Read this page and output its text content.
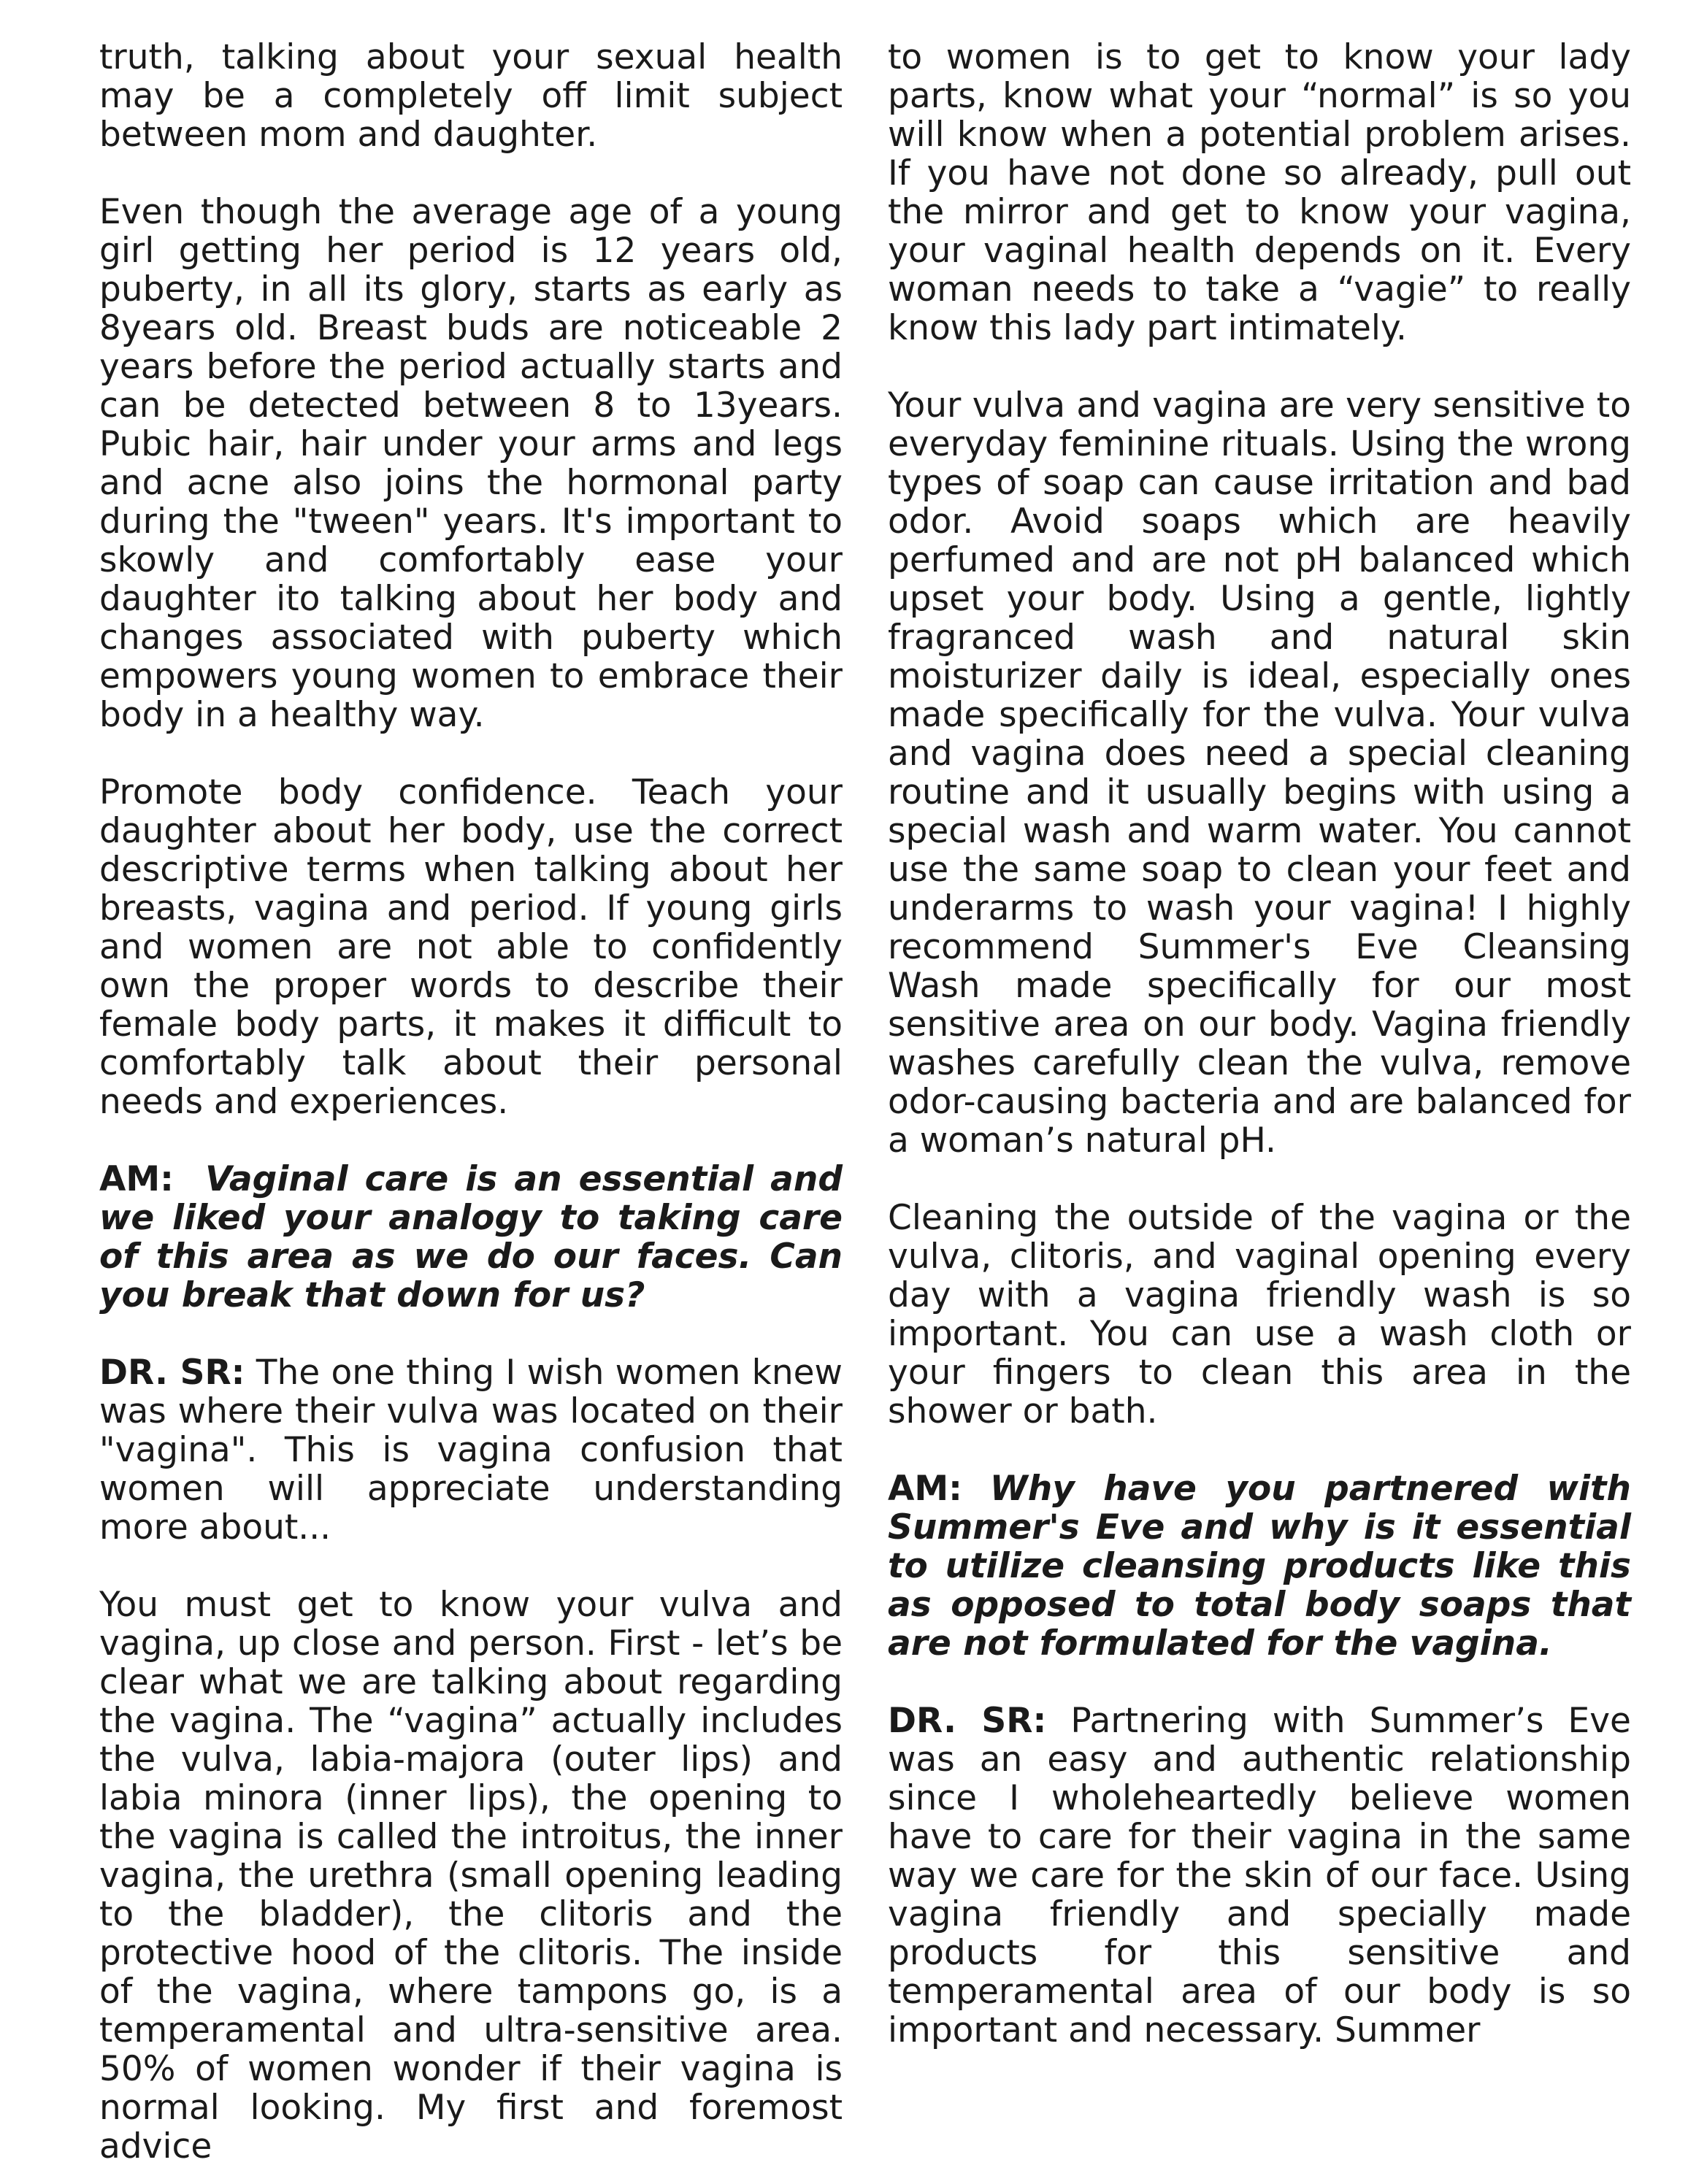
truth, talking about your sexual health may be a completely off limit subject between mom and daughter.

Even though the average age of a young girl getting her period is 12 years old, puberty, in all its glory, starts as early as 8years old. Breast buds are noticeable 2 years before the period actually starts and can be detected between 8 to 13years. Pubic hair, hair under your arms and legs and acne also joins the hormonal party during the "tween" years. It's important to skowly and comfortably ease your daughter ito talking about her body and changes associated with puberty which empowers young women to embrace their body in a healthy way.

Promote body confidence. Teach your daughter about her body, use the correct descriptive terms when talking about her breasts, vagina and period. If young girls and women are not able to confidently own the proper words to describe their female body parts, it makes it difficult to comfortably talk about their personal needs and experiences.

AM: Vaginal care is an essential and we liked your analogy to taking care of this area as we do our faces. Can you break that down for us?

DR. SR: The one thing I wish women knew was where their vulva was located on their "vagina". This is vagina confusion that women will appreciate understanding more about...

You must get to know your vulva and vagina, up close and person. First - let’s be clear what we are talking about regarding the vagina. The “vagina” actually includes the vulva, labia-majora (outer lips) and labia minora (inner lips), the opening to the vagina is called the introitus, the inner vagina, the urethra (small opening leading to the bladder), the clitoris and the protective hood of the clitoris. The inside of the vagina, where tampons go, is a temperamental and ultra-sensitive area. 50% of women wonder if their vagina is normal looking. My first and foremost advice

to women is to get to know your lady parts, know what your “normal” is so you will know when a potential problem arises. If you have not done so already, pull out the mirror and get to know your vagina, your vaginal health depends on it. Every woman needs to take a “vagie” to really know this lady part intimately.

Your vulva and vagina are very sensitive to everyday feminine rituals. Using the wrong types of soap can cause irritation and bad odor. Avoid soaps which are heavily perfumed and are not pH balanced which upset your body. Using a gentle, lightly fragranced wash and natural skin moisturizer daily is ideal, especially ones made specifically for the vulva. Your vulva and vagina does need a special cleaning routine and it usually begins with using a special wash and warm water. You cannot use the same soap to clean your feet and underarms to wash your vagina! I highly recommend Summer's Eve Cleansing Wash made specifically for our most sensitive area on our body. Vagina friendly washes carefully clean the vulva, remove odor-causing bacteria and are balanced for a woman’s natural pH.

Cleaning the outside of the vagina or the vulva, clitoris, and vaginal opening every day with a vagina friendly wash is so important. You can use a wash cloth or your fingers to clean this area in the shower or bath.

AM: Why have you partnered with Summer's Eve and why is it essential to utilize cleansing products like this as opposed to total body soaps that are not formulated for the vagina.

DR. SR: Partnering with Summer’s Eve was an easy and authentic relationship since I wholeheartedly believe women have to care for their vagina in the same way we care for the skin of our face. Using vagina friendly and specially made products for this sensitive and temperamental area of our body is so important and necessary. Summer
